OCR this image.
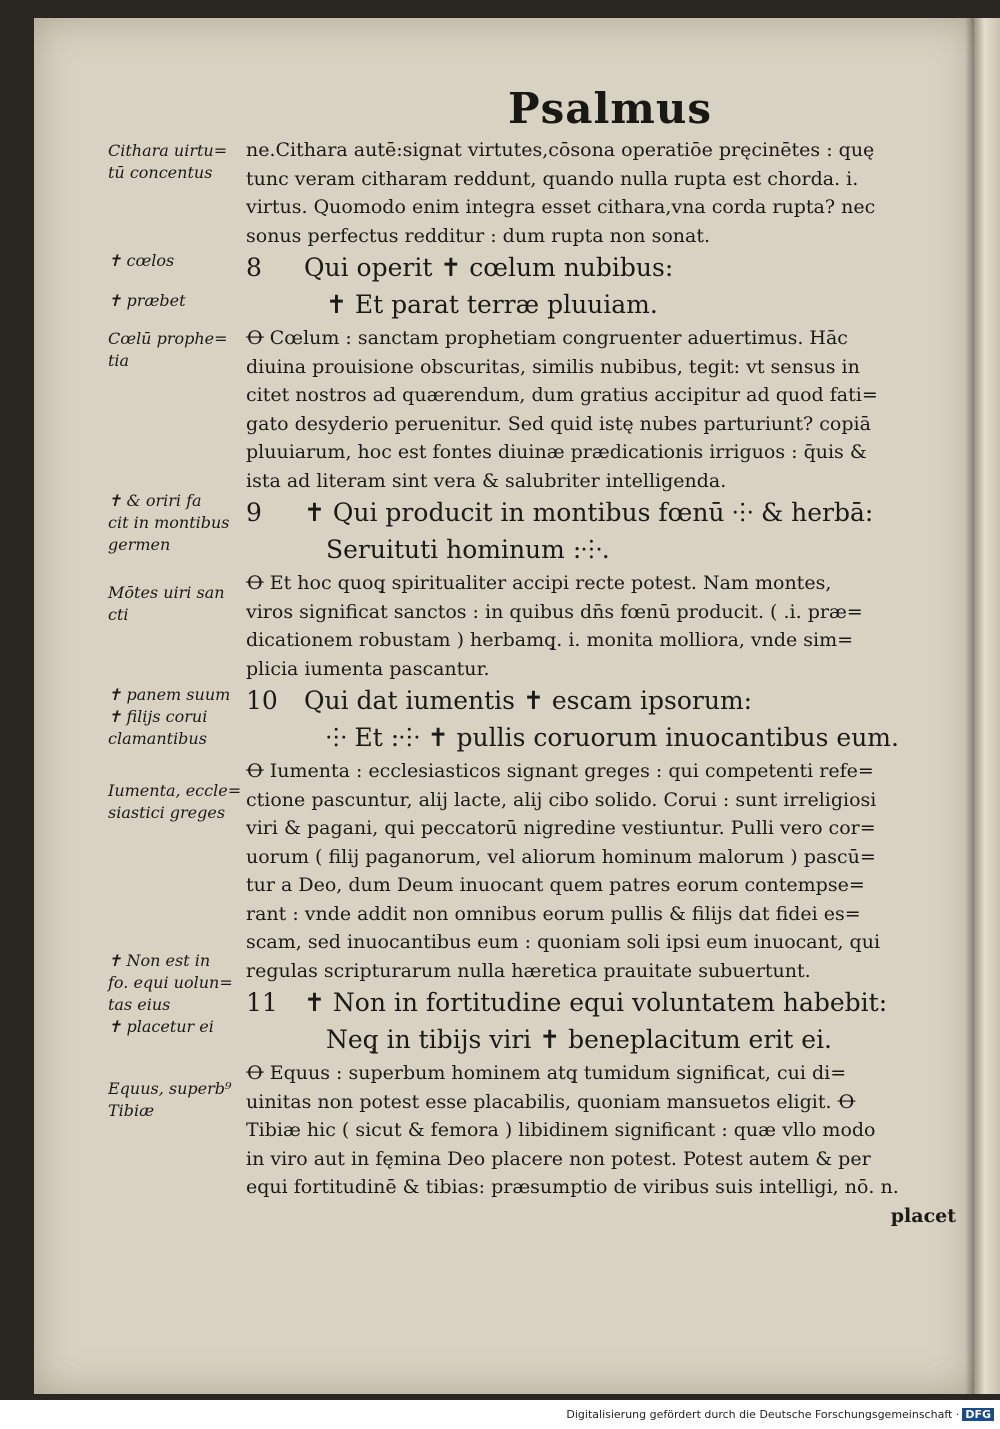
Psalmus
Cithara uirtu=
tū concentus
✝ cœlos
✝ præbet
Cœlū prophe=
tia
✝ & oriri fa
cit in montibus
germen
Mōtes uiri san
cti
✝ panem suum
✝ filijs corui
clamantibus
Iumenta, eccle=
siastici greges
✝ Non est in
fo. equi uolun=
tas eius
✝ placetur ei
Equus, superb⁹
Tibiæ
ne.Cithara autē:signat virtutes,cōsona operatiōe pręcinētes : quę
tunc veram citharam reddunt, quando nulla rupta est chorda. i.
virtus. Quomodo enim integra esset cithara,vna corda rupta? nec
sonus perfectus redditur : dum rupta non sonat.
8 Qui operit ✝ cœlum nubibus:
✝ Et parat terræ pluuiam.
Ꝋ Cœlum : sanctam prophetiam congruenter aduertimus. Hāc
diuina prouisione obscuritas, similis nubibus, tegit: vt sensus in
citet nostros ad quærendum, dum gratius accipitur ad quod fati=
gato desyderio peruenitur. Sed quid istę nubes parturiunt? copiā
pluuiarum, hoc est fontes diuinæ prædicationis irriguos : q̄uis &
ista ad literam sint vera & salubriter intelligenda.
9 ✝ Qui producit in montibus fœnū ⸭ & herbā:
Seruituti hominum :⸭.
Ꝋ Et hoc quoq̧ spiritualiter accipi recte potest. Nam montes,
viros significat sanctos : in quibus dn̄s fœnū producit. ( .i. præ=
dicationem robustam ) herbamq̧. i. monita molliora, vnde sim=
plicia iumenta pascantur.
10 Qui dat iumentis ✝ escam ipsorum:
⸭ Et :⸭ ✝ pullis coruorum inuocantibus eum.
Ꝋ Iumenta : ecclesiasticos signant greges : qui competenti refe=
ctione pascuntur, alij lacte, alij cibo solido. Corui : sunt irreligiosi
viri & pagani, qui peccatorū nigredine vestiuntur. Pulli vero cor=
uorum ( filij paganorum, vel aliorum hominum malorum ) pascū=
tur a Deo, dum Deum inuocant quem patres eorum contempse=
rant : vnde addit non omnibus eorum pullis & filijs dat fidei es=
scam, sed inuocantibus eum : quoniam soli ipsi eum inuocant, qui
regulas scripturarum nulla hæretica prauitate subuertunt.
11 ✝ Non in fortitudine equi voluntatem habebit:
Neq̧ in tibijs viri ✝ beneplacitum erit ei.
Ꝋ Equus : superbum hominem atq̧ tumidum significat, cui di=
uinitas non potest esse placabilis, quoniam mansuetos eligit. Ꝋ
Tibiæ hic ( sicut & femora ) libidinem significant : quæ vllo modo
in viro aut in fęmina Deo placere non potest. Potest autem & per
equi fortitudinē & tibias: præsumptio de viribus suis intelligi, nō. n.
placet
Digitalisierung gefördert durch die Deutsche Forschungsgemeinschaft · DFG
